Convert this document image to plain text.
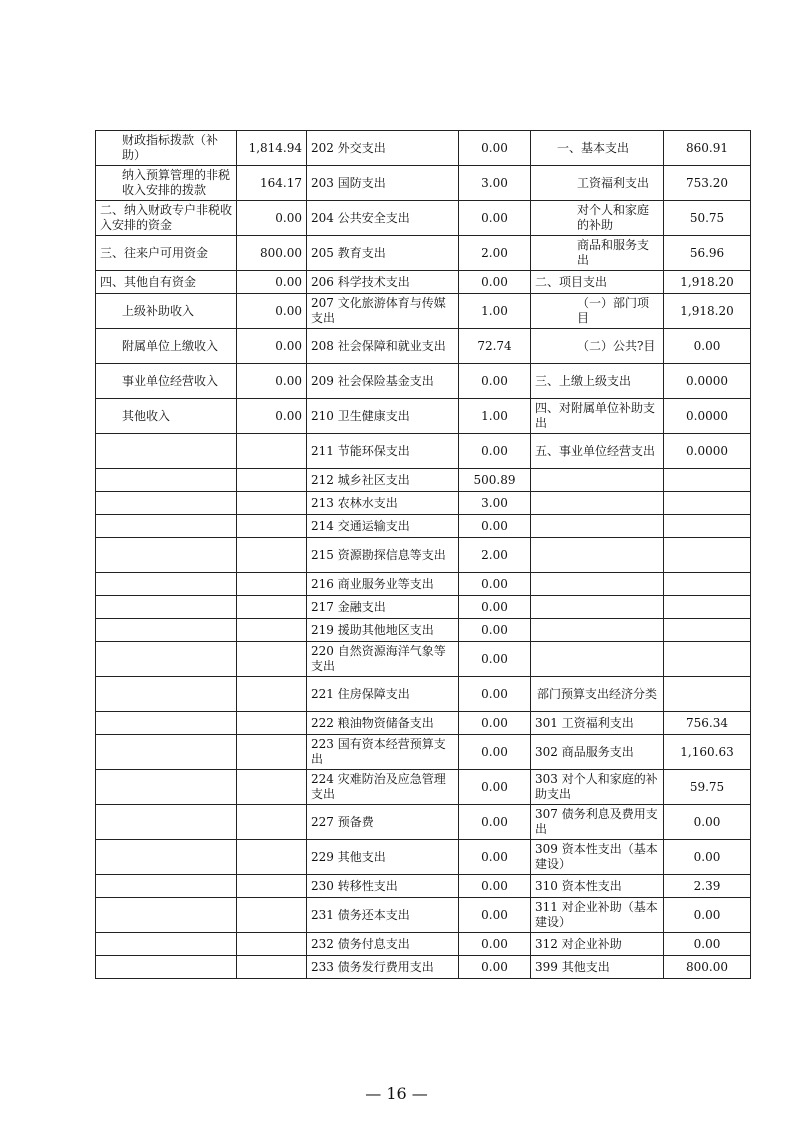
财政指标拨款（补助）	1,814.94	202 外交支出	0.00	一、基本支出	860.91
纳入预算管理的非税收入安排的拨款	164.17	203 国防支出	3.00	工资福利支出	753.20
二、纳入财政专户非税收入安排的资金	0.00	204 公共安全支出	0.00	对个人和家庭的补助	50.75
三、往来户可用资金	800.00	205 教育支出	2.00	商品和服务支出	56.96
四、其他自有资金	0.00	206 科学技术支出	0.00	二、项目支出	1,918.20
上级补助收入	0.00	207 文化旅游体育与传媒支出	1.00	（一）部门项目	1,918.20
附属单位上缴收入	0.00	208 社会保障和就业支出	72.74	（二）公共?目	0.00
事业单位经营收入	0.00	209 社会保险基金支出	0.00	三、上缴上级支出	0.0000
其他收入	0.00	210 卫生健康支出	1.00	四、对附属单位补助支出	0.0000
		211 节能环保支出	0.00	五、事业单位经营支出	0.0000
		212 城乡社区支出	500.89		
		213 农林水支出	3.00		
		214 交通运输支出	0.00		
		215 资源勘探信息等支出	2.00		
		216 商业服务业等支出	0.00		
		217 金融支出	0.00		
		219 援助其他地区支出	0.00		
		220 自然资源海洋气象等支出	0.00		
		221 住房保障支出	0.00	部门预算支出经济分类	
		222 粮油物资储备支出	0.00	301 工资福利支出	756.34
		223 国有资本经营预算支出	0.00	302 商品服务支出	1,160.63
		224 灾难防治及应急管理支出	0.00	303 对个人和家庭的补助支出	59.75
		227 预备费	0.00	307 债务利息及费用支出	0.00
		229 其他支出	0.00	309 资本性支出（基本建设）	0.00
		230 转移性支出	0.00	310 资本性支出	2.39
		231 债务还本支出	0.00	311 对企业补助（基本建设）	0.00
		232 债务付息支出	0.00	312 对企业补助	0.00
		233 债务发行费用支出	0.00	399 其他支出	800.00
— 16 —
